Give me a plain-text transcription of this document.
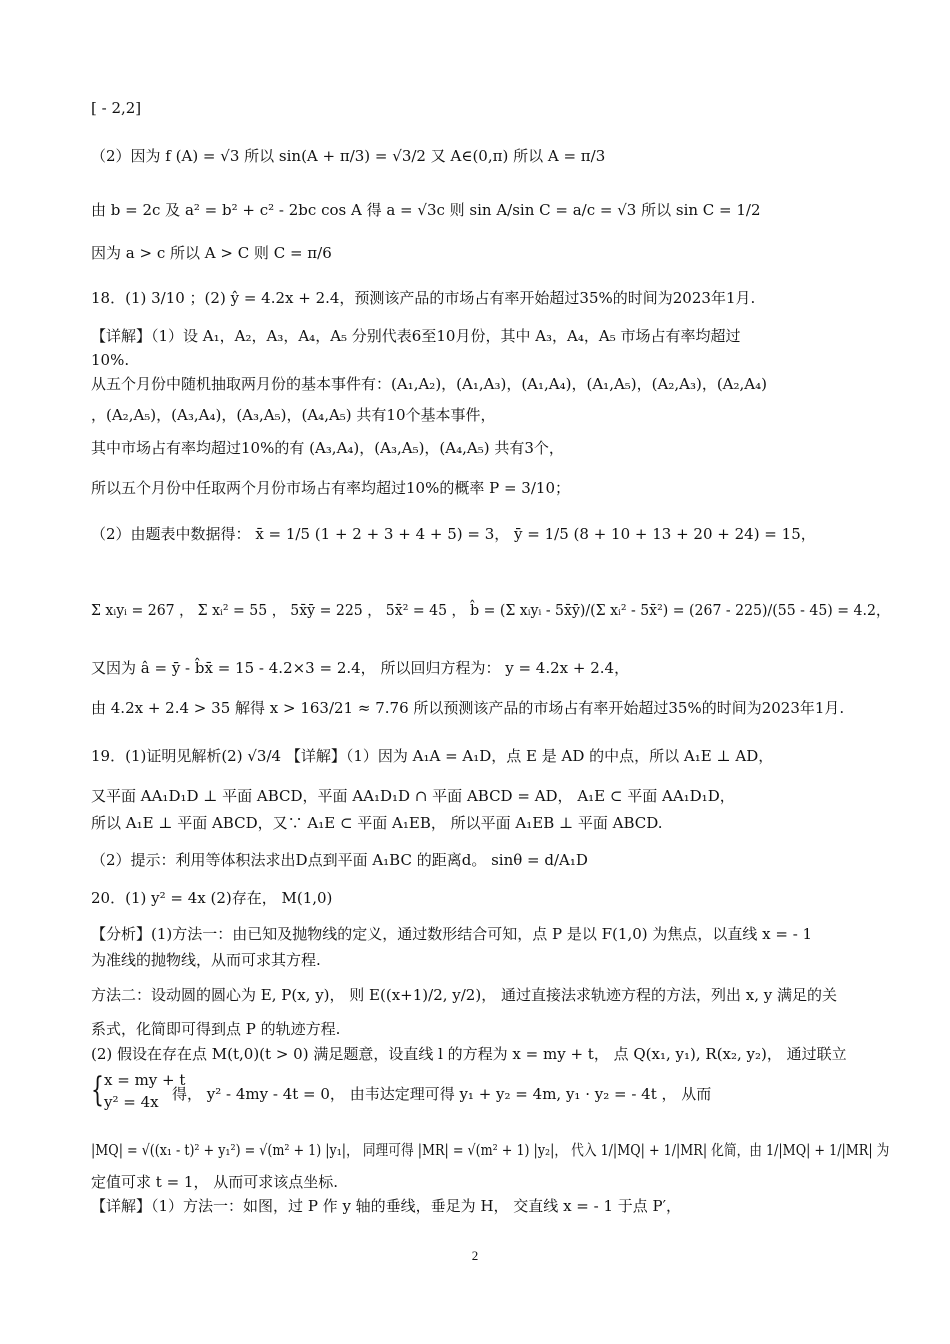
[ - 2,2]
（2）因为 f (A) = √3 所以 sin(A + π/3) = √3/2 又 A∈(0,π) 所以 A = π/3
由 b = 2c 及 a² = b² + c² - 2bc cos A 得 a = √3c 则 sin A/sin C = a/c = √3 所以 sin C = 1/2
因为 a > c 所以 A > C 则 C = π/6
18．(1) 3/10 ；(2) ŷ = 4.2x + 2.4，预测该产品的市场占有率开始超过35%的时间为2023年1月.
【详解】（1）设 A₁，A₂，A₃，A₄，A₅ 分别代表6至10月份，其中 A₃，A₄，A₅ 市场占有率均超过
10%.
从五个月份中随机抽取两月份的基本事件有：(A₁,A₂)，(A₁,A₃)，(A₁,A₄)，(A₁,A₅)，(A₂,A₃)，(A₂,A₄)
，(A₂,A₅)，(A₃,A₄)，(A₃,A₅)，(A₄,A₅) 共有10个基本事件，
其中市场占有率均超过10%的有 (A₃,A₄)，(A₃,A₅)，(A₄,A₅) 共有3个，
所以五个月份中任取两个月份市场占有率均超过10%的概率 P = 3/10；
（2）由题表中数据得： x̄ = 1/5 (1 + 2 + 3 + 4 + 5) = 3， ȳ = 1/5 (8 + 10 + 13 + 20 + 24) = 15，
Σ xᵢyᵢ = 267 ， Σ xᵢ² = 55 ， 5x̄ȳ = 225 ， 5x̄² = 45 ， b̂ = (Σ xᵢyᵢ - 5x̄ȳ)/(Σ xᵢ² - 5x̄²) = (267 - 225)/(55 - 45) = 4.2，
又因为 â = ȳ - b̂x̄ = 15 - 4.2×3 = 2.4， 所以回归方程为： y = 4.2x + 2.4，
由 4.2x + 2.4 > 35 解得 x > 163/21 ≈ 7.76 所以预测该产品的市场占有率开始超过35%的时间为2023年1月.
19．(1)证明见解析(2) √3/4 【详解】（1）因为 A₁A = A₁D，点 E 是 AD 的中点，所以 A₁E ⊥ AD，
又平面 AA₁D₁D ⊥ 平面 ABCD，平面 AA₁D₁D ∩ 平面 ABCD = AD， A₁E ⊂ 平面 AA₁D₁D，
所以 A₁E ⊥ 平面 ABCD，又∵ A₁E ⊂ 平面 A₁EB， 所以平面 A₁EB ⊥ 平面 ABCD.
（2）提示：利用等体积法求出D点到平面 A₁BC 的距离d。 sinθ = d/A₁D
20．(1) y² = 4x (2)存在， M(1,0)
【分析】(1)方法一：由已知及抛物线的定义，通过数形结合可知，点 P 是以 F(1,0) 为焦点，以直线 x = - 1
为准线的抛物线，从而可求其方程.
方法二：设动圆的圆心为 E, P(x, y)， 则 E((x+1)/2, y/2)， 通过直接法求轨迹方程的方法，列出 x, y 满足的关
系式，化简即可得到点 P 的轨迹方程.
(2) 假设在存在点 M(t,0)(t > 0) 满足题意，设直线 l 的方程为 x = my + t， 点 Q(x₁, y₁), R(x₂, y₂)， 通过联立
{ x = my + t
y² = 4x 得， y² - 4my - 4t = 0， 由韦达定理可得 y₁ + y₂ = 4m, y₁ · y₂ = - 4t ， 从而
|MQ| = √((x₁ - t)² + y₁²) = √(m² + 1) |y₁|， 同理可得 |MR| = √(m² + 1) |y₂|， 代入 1/|MQ| + 1/|MR| 化简，由 1/|MQ| + 1/|MR| 为
定值可求 t = 1， 从而可求该点坐标.
【详解】（1）方法一：如图，过 P 作 y 轴的垂线，垂足为 H， 交直线 x = - 1 于点 P′，
2
